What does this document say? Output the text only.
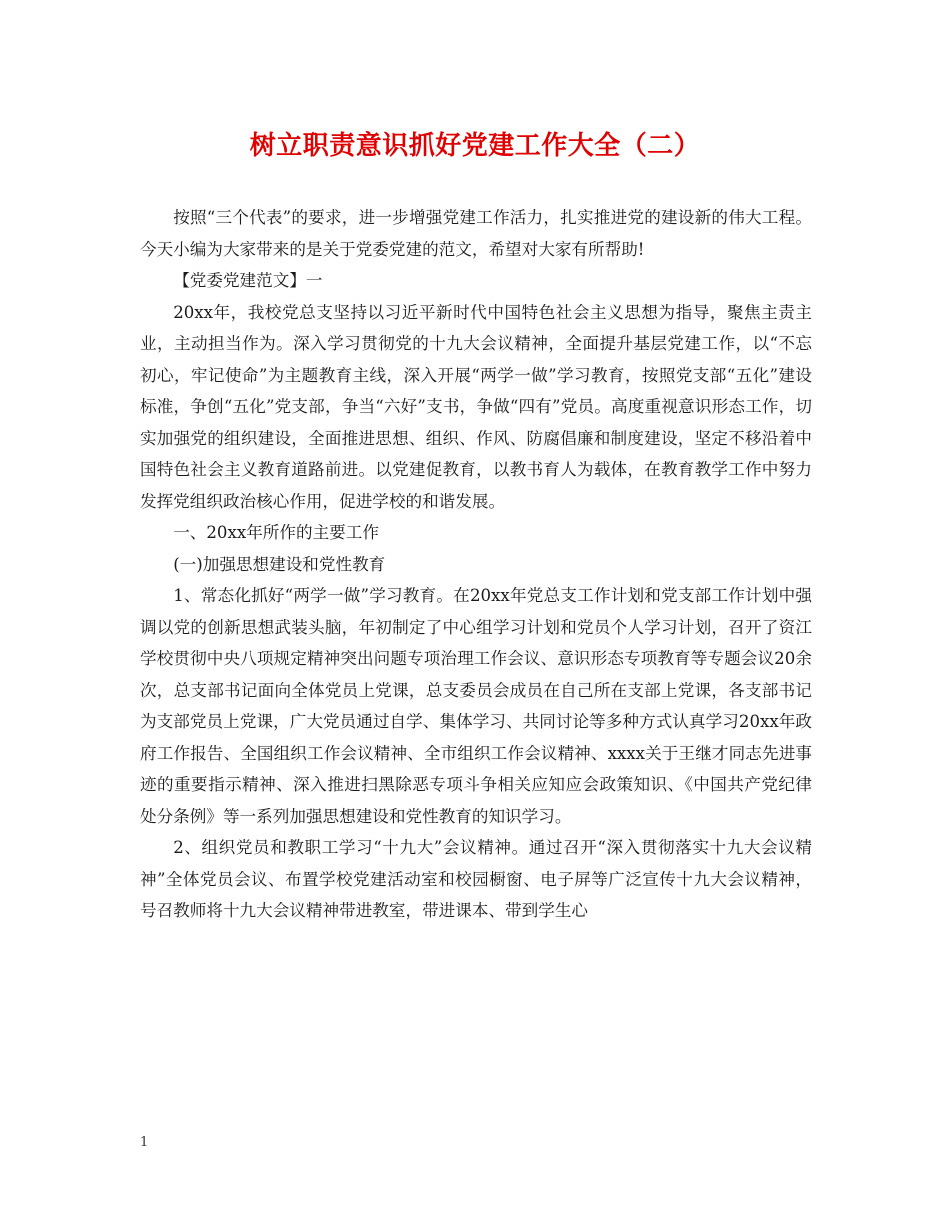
树立职责意识抓好党建工作大全（二）

按照“三个代表”的要求，进一步增强党建工作活力，扎实推进党的建设新的伟大工程。今天小编为大家带来的是关于党委党建的范文，希望对大家有所帮助!

【党委党建范文】一

20xx年，我校党总支坚持以习近平新时代中国特色社会主义思想为指导，聚焦主责主业，主动担当作为。深入学习贯彻党的十九大会议精神，全面提升基层党建工作，以“不忘初心，牢记使命”为主题教育主线，深入开展“两学一做”学习教育，按照党支部“五化”建设标准，争创“五化”党支部，争当“六好”支书，争做“四有”党员。高度重视意识形态工作，切实加强党的组织建设，全面推进思想、组织、作风、防腐倡廉和制度建设，坚定不移沿着中国特色社会主义教育道路前进。以党建促教育，以教书育人为载体，在教育教学工作中努力发挥党组织政治核心作用，促进学校的和谐发展。

一、20xx年所作的主要工作

(一)加强思想建设和党性教育

1、常态化抓好“两学一做”学习教育。在20xx年党总支工作计划和党支部工作计划中强调以党的创新思想武装头脑，年初制定了中心组学习计划和党员个人学习计划，召开了资江学校贯彻中央八项规定精神突出问题专项治理工作会议、意识形态专项教育等专题会议20余次，总支部书记面向全体党员上党课，总支委员会成员在自己所在支部上党课，各支部书记为支部党员上党课，广大党员通过自学、集体学习、共同讨论等多种方式认真学习20xx年政府工作报告、全国组织工作会议精神、全市组织工作会议精神、xxxx关于王继才同志先进事迹的重要指示精神、深入推进扫黑除恶专项斗争相关应知应会政策知识、《中国共产党纪律处分条例》等一系列加强思想建设和党性教育的知识学习。

2、组织党员和教职工学习“十九大”会议精神。通过召开“深入贯彻落实十九大会议精神”全体党员会议、布置学校党建活动室和校园橱窗、电子屏等广泛宣传十九大会议精神，号召教师将十九大会议精神带进教室，带进课本、带到学生心

1
